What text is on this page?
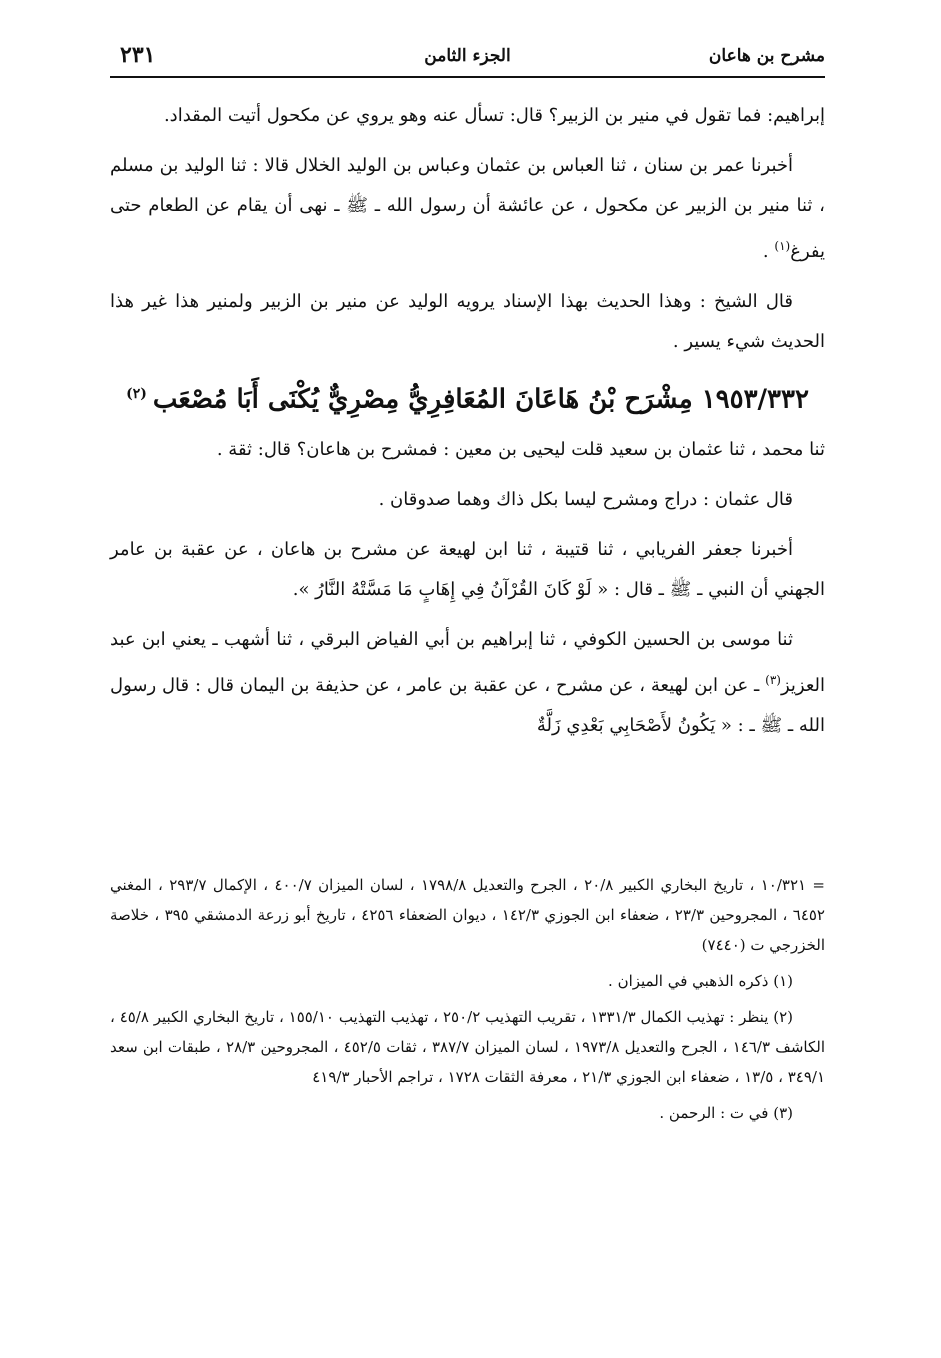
مشرح بن هاعان
الجزء الثامن
٢٣١

إبراهيم: فما تقول في منير بن الزبير؟ قال: تسأل عنه وهو يروي عن مكحول أتيت المقداد.

أخبرنا عمر بن سنان ، ثنا العباس بن عثمان وعباس بن الوليد الخلال قالا : ثنا الوليد بن مسلم ، ثنا منير بن الزبير عن مكحول ، عن عائشة أن رسول الله ـ ﷺ ـ نهى أن يقام عن الطعام حتى يفرغ$^{(١)}$ .

قال الشيخ : وهذا الحديث بهذا الإسناد يرويه الوليد عن منير بن الزبير ولمنير هذا غير هذا الحديث شيء يسير .

١٩٥٣/٣٣٢ مِشْرَح بْنُ هَاعَانَ المُعَافِرِيُّ مِصْرِيٌّ يُكْنَى أَبَا مُصْعَب$^{(٢)}$

ثنا محمد ، ثنا عثمان بن سعيد قلت ليحيى بن معين : فمشرح بن هاعان؟ قال: ثقة .

قال عثمان : دراج ومشرح ليسا بكل ذاك وهما صدوقان .

أخبرنا جعفر الفريابي ، ثنا قتيبة ، ثنا ابن لهيعة عن مشرح بن هاعان ، عن عقبة بن عامر الجهني أن النبي ـ ﷺ ـ قال : « لَوْ كَانَ القُرْآنُ فِي إِهَابٍ مَا مَسَّتْهُ النَّارُ ».

ثنا موسى بن الحسين الكوفي ، ثنا إبراهيم بن أبي الفياض البرقي ، ثنا أشهب ـ يعني ابن عبد العزيز$^{(٣)}$ ـ عن ابن لهيعة ، عن مشرح ، عن عقبة بن عامر ، عن حذيفة بن اليمان قال : قال رسول الله ـ ﷺ ـ : « يَكُونُ لأَصْحَابِي بَعْدِي زَلَّةٌ

= ١٠/٣٢١ ، تاريخ البخاري الكبير ٢٠/٨ ، الجرح والتعديل ١٧٩٨/٨ ، لسان الميزان ٤٠٠/٧ ، الإكمال ٢٩٣/٧ ، المغني ٦٤٥٢ ، المجروحين ٢٣/٣ ، ضعفاء ابن الجوزي ١٤٢/٣ ، ديوان الضعفاء ٤٢٥٦ ، تاريخ أبو زرعة الدمشقي ٣٩٥ ، خلاصة الخزرجي ت (٧٤٤٠)

(١) ذكره الذهبي في الميزان .

(٢) ينظر : تهذيب الكمال ١٣٣١/٣ ، تقريب التهذيب ٢٥٠/٢ ، تهذيب التهذيب ١٥٥/١٠ ، تاريخ البخاري الكبير ٤٥/٨ ، الكاشف ١٤٦/٣ ، الجرح والتعديل ١٩٧٣/٨ ، لسان الميزان ٣٨٧/٧ ، ثقات ٤٥٢/٥ ، المجروحين ٢٨/٣ ، طبقات ابن سعد ٣٤٩/١ ، ١٣/٥ ، ضعفاء ابن الجوزي ٢١/٣ ، معرفة الثقات ١٧٢٨ ، تراجم الأحبار ٤١٩/٣

(٣) في ت : الرحمن .
